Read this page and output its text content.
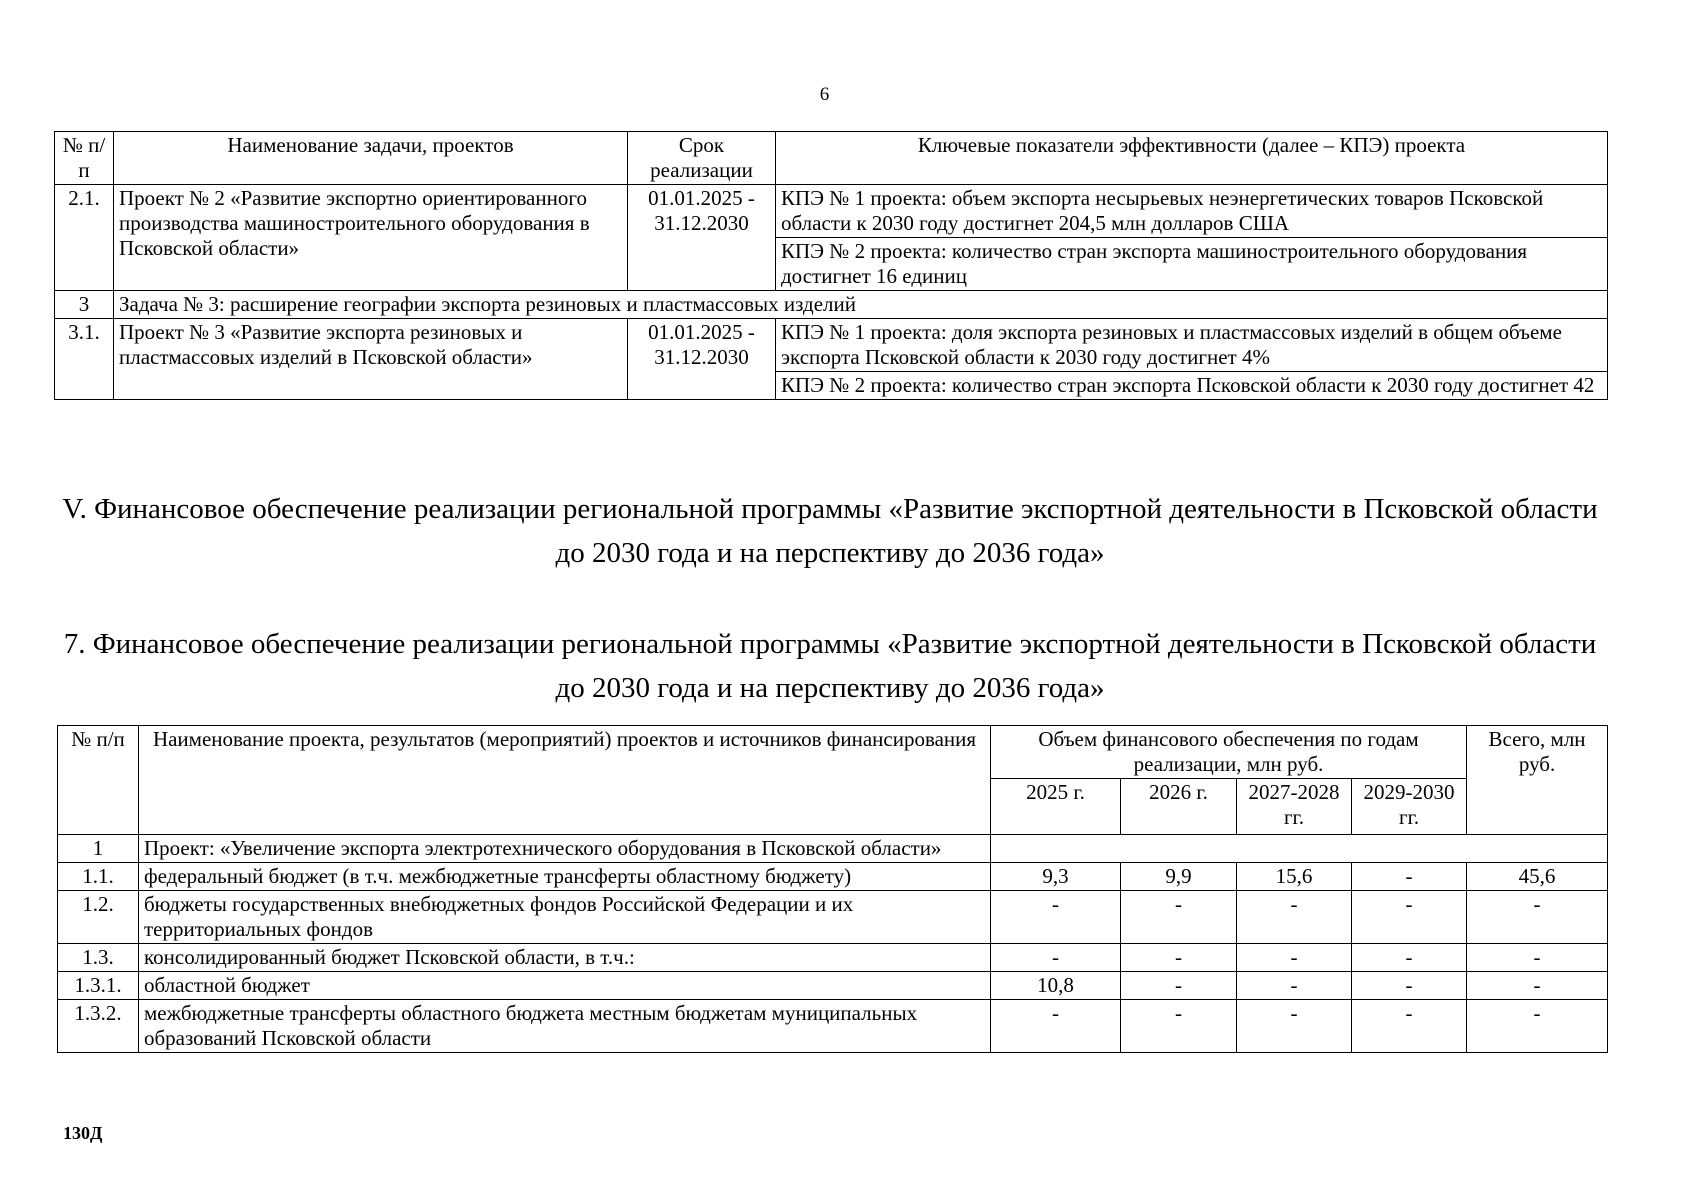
6
№ п/п	Наименование задачи, проектов	Срок реализации	Ключевые показатели эффективности (далее – КПЭ) проекта
2.1.	Проект № 2 «Развитие экспортно ориентированного производства машиностроительного оборудования в Псковской области»	01.01.2025 - 31.12.2030	КПЭ № 1 проекта: объем экспорта несырьевых неэнергетических товаров Псковской области к 2030 году достигнет 204,5 млн долларов США
			КПЭ № 2 проекта: количество стран экспорта машиностроительного оборудования достигнет 16 единиц
3	Задача № 3: расширение географии экспорта резиновых и пластмассовых изделий		
3.1.	Проект № 3 «Развитие экспорта резиновых и пластмассовых изделий в Псковской области»	01.01.2025 - 31.12.2030	КПЭ № 1 проекта: доля экспорта резиновых и пластмассовых изделий в общем объеме экспорта Псковской области к 2030 году достигнет 4%
			КПЭ № 2 проекта: количество стран экспорта Псковской области к 2030 году достигнет 42
V. Финансовое обеспечение реализации региональной программы «Развитие экспортной деятельности в Псковской области до 2030 года и на перспективу до 2036 года»
7. Финансовое обеспечение реализации региональной программы «Развитие экспортной деятельности в Псковской области до 2030 года и на перспективу до 2036 года»
№ п/п	Наименование проекта, результатов (мероприятий) проектов и источников финансирования	Объем финансового обеспечения по годам реализации, млн руб.				Всего, млн руб.
		2025 г.	2026 г.	2027-2028 гг.	2029-2030 гг.	
1	Проект: «Увеличение экспорта электротехнического оборудования в Псковской области»					
1.1.	федеральный бюджет (в т.ч. межбюджетные трансферты областному бюджету)	9,3	9,9	15,6	-	45,6
1.2.	бюджеты государственных внебюджетных фондов Российской Федерации и их территориальных фондов	-	-	-	-	-
1.3.	консолидированный бюджет Псковской области, в т.ч.:	-	-	-	-	-
1.3.1.	областной бюджет	10,8	-	-	-	-
1.3.2.	межбюджетные трансферты областного бюджета местным бюджетам муниципальных образований Псковской области	-	-	-	-	-
130Д
